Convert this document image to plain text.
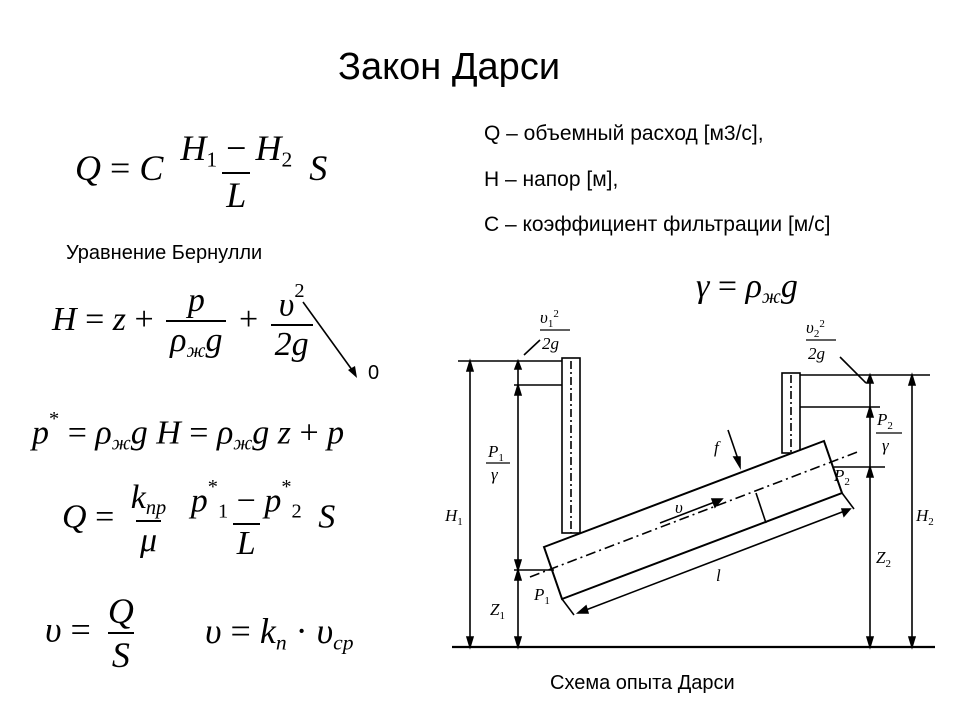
Закон Дарси
Q – объемный расход [м3/с],
H – напор [м],
C – коэффициент фильтрации [м/с]
Q = C $\frac{H_1 - H_2}{L}$ S
Уравнение Бернулли
$H = z + \frac{p}{\rho_жg} + \frac{\upsilon^2}{2g}$
0
$p^* = \rho_жg$ $H = \rho_жg$ z + p
$Q = \frac{k_{пр}}{\mu}$
$\frac{p^*_1 - p^*_2}{L}$ S
$\upsilon = \frac{Q}{S}$ $\upsilon = k_n \cdot \upsilon_{ср}$
$\gamma = \rho_жg$
$H_1$	$H_2$
$Z_1$
$Z_2$
$P_1$
γ
$P_1$
$P_2$
γ
$P_2$
υ
f
l
$\upsilon_1^2$
2g
$\upsilon_2^2$
2g
Схема опыта Дарси
